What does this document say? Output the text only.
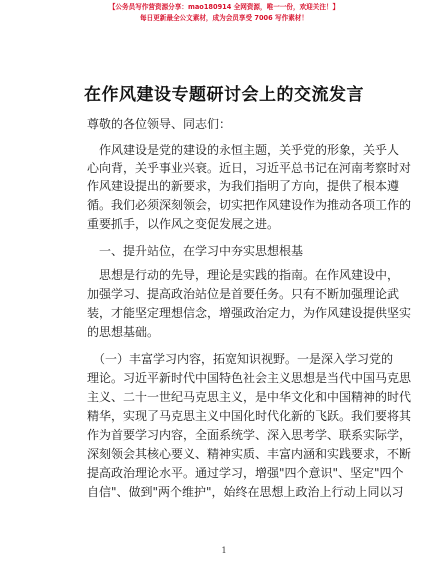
【公务员写作营资源分享：mao180914 全网资源，唯一一份，欢迎关注！】
每日更新最全公文素材，成为会员享受 7006 写作素材！
在作风建设专题研讨会上的交流发言
尊敬的各位领导、同志们：
作风建设是党的建设的永恒主题，关乎党的形象，关乎人
心向背，关乎事业兴衰。近日，习近平总书记在河南考察时对
作风建设提出的新要求，为我们指明了方向，提供了根本遵
循。我们必须深刻领会，切实把作风建设作为推动各项工作的
重要抓手，以作风之变促发展之进。
一、提升站位，在学习中夯实思想根基
思想是行动的先导，理论是实践的指南。在作风建设中，
加强学习、提高政治站位是首要任务。只有不断加强理论武
装，才能坚定理想信念，增强政治定力，为作风建设提供坚实
的思想基础。
（一）丰富学习内容，拓宽知识视野。一是深入学习党的
理论。习近平新时代中国特色社会主义思想是当代中国马克思
主义、二十一世纪马克思主义，是中华文化和中国精神的时代
精华，实现了马克思主义中国化时代化新的飞跃。我们要将其
作为首要学习内容，全面系统学、深入思考学、联系实际学，
深刻领会其核心要义、精神实质、丰富内涵和实践要求，不断
提高政治理论水平。通过学习，增强"四个意识"、坚定"四个
自信"、做到"两个维护"，始终在思想上政治上行动上同以习
1
